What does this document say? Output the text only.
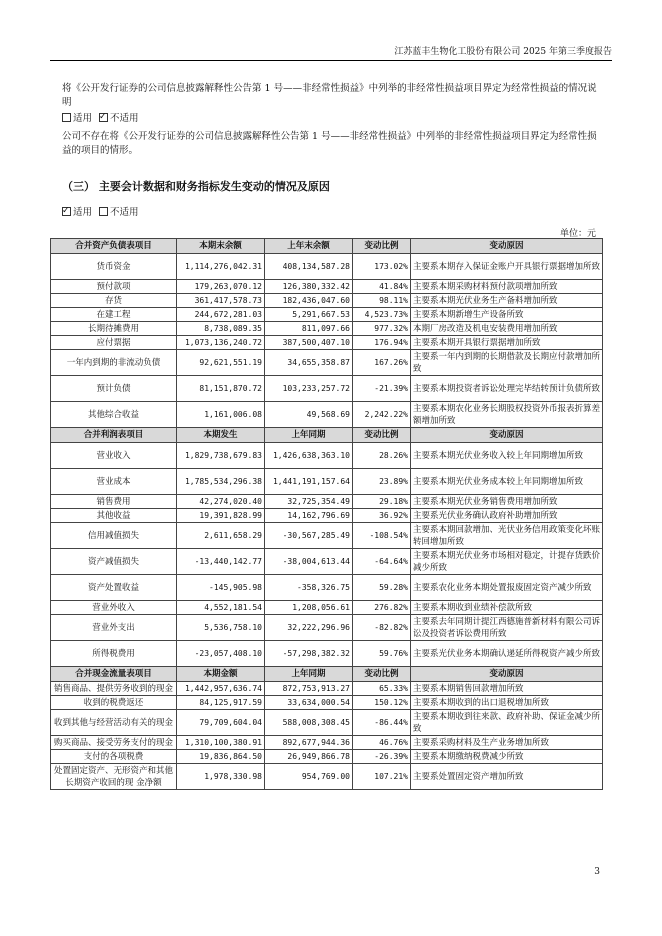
江苏蓝丰生物化工股份有限公司 2025 年第三季度报告
将《公开发行证券的公司信息披露解释性公告第 1 号——非经常性损益》中列举的非经常性损益项目界定为经常性损益的情况说明
适用 ✓ 不适用
公司不存在将《公开发行证券的公司信息披露解释性公告第 1 号——非经常性损益》中列举的非经常性损益项目界定为经常性损益的项目的情形。
（三） 主要会计数据和财务指标发生变动的情况及原因
✓适用 不适用
单位：元
合并资产负债表项目	本期末余额	上年末余额	变动比例	变动原因
货币资金	1,114,276,042.31	408,134,587.28	173.02%	主要系本期存入保证金账户开具银行票据增加所致
预付款项	179,263,070.12	126,380,332.42	41.84%	主要系本期采购材料预付款项增加所致
存货	361,417,578.73	182,436,047.60	98.11%	主要系本期光伏业务生产备料增加所致
在建工程	244,672,281.03	5,291,667.53	4,523.73%	主要系本期新增生产设备所致
长期待摊费用	8,738,089.35	811,097.66	977.32%	本期厂房改造及机电安装费用增加所致
应付票据	1,073,136,240.72	387,500,407.10	176.94%	主要系本期开具银行票据增加所致
一年内到期的非流动负债	92,621,551.19	34,655,358.87	167.26%	主要系一年内到期的长期借款及长期应付款增加所致
预计负债	81,151,870.72	103,233,257.72	-21.39%	主要系本期投资者诉讼处理完毕结转预计负债所致
其他综合收益	1,161,006.08	49,568.69	2,242.22%	主要系本期农化业务长期股权投资外币报表折算差额增加所致
合并利润表项目	本期发生	上年同期	变动比例	变动原因
营业收入	1,829,738,679.83	1,426,638,363.10	28.26%	主要系本期光伏业务收入较上年同期增加所致
营业成本	1,785,534,296.38	1,441,191,157.64	23.89%	主要系本期光伏业务成本较上年同期增加所致
销售费用	42,274,020.40	32,725,354.49	29.18%	主要系本期光伏业务销售费用增加所致
其他收益	19,391,828.99	14,162,796.69	36.92%	主要系光伏业务确认政府补助增加所致
信用减值损失	2,611,658.29	-30,567,285.49	-108.54%	主要系本期回款增加、光伏业务信用政策变化坏账转回增加所致
资产减值损失	-13,440,142.77	-38,004,613.44	-64.64%	主要系本期光伏业务市场相对稳定，计提存货跌价减少所致
资产处置收益	-145,905.98	-358,326.75	59.28%	主要系农化业务本期处置报废固定资产减少所致
营业外收入	4,552,181.54	1,208,056.61	276.82%	主要系本期收到业绩补偿款所致
营业外支出	5,536,758.10	32,222,296.96	-82.82%	主要系去年同期计提江西德施普新材料有限公司诉讼及投资者诉讼费用所致
所得税费用	-23,057,408.10	-57,298,382.32	59.76%	主要系光伏业务本期确认递延所得税资产减少所致
合并现金流量表项目	本期金额	上年同期	变动比例	变动原因
销售商品、提供劳务收到的现金	1,442,957,636.74	872,753,913.27	65.33%	主要系本期销售回款增加所致
收到的税费返还	84,125,917.59	33,634,000.54	150.12%	主要系本期收到的出口退税增加所致
收到其他与经营活动有关的现金	79,709,604.04	588,008,308.45	-86.44%	主要系本期收到往来款、政府补助、保证金减少所致
购买商品、接受劳务支付的现金	1,310,100,380.91	892,677,944.36	46.76%	主要系采购材料及生产业务增加所致
支付的各项税费	19,836,864.50	26,949,866.78	-26.39%	主要系本期缴纳税费减少所致
处置固定资产、无形资产和其他长期资产收回的现 金净额	1,978,330.98	954,769.00	107.21%	主要系处置固定资产增加所致
3
